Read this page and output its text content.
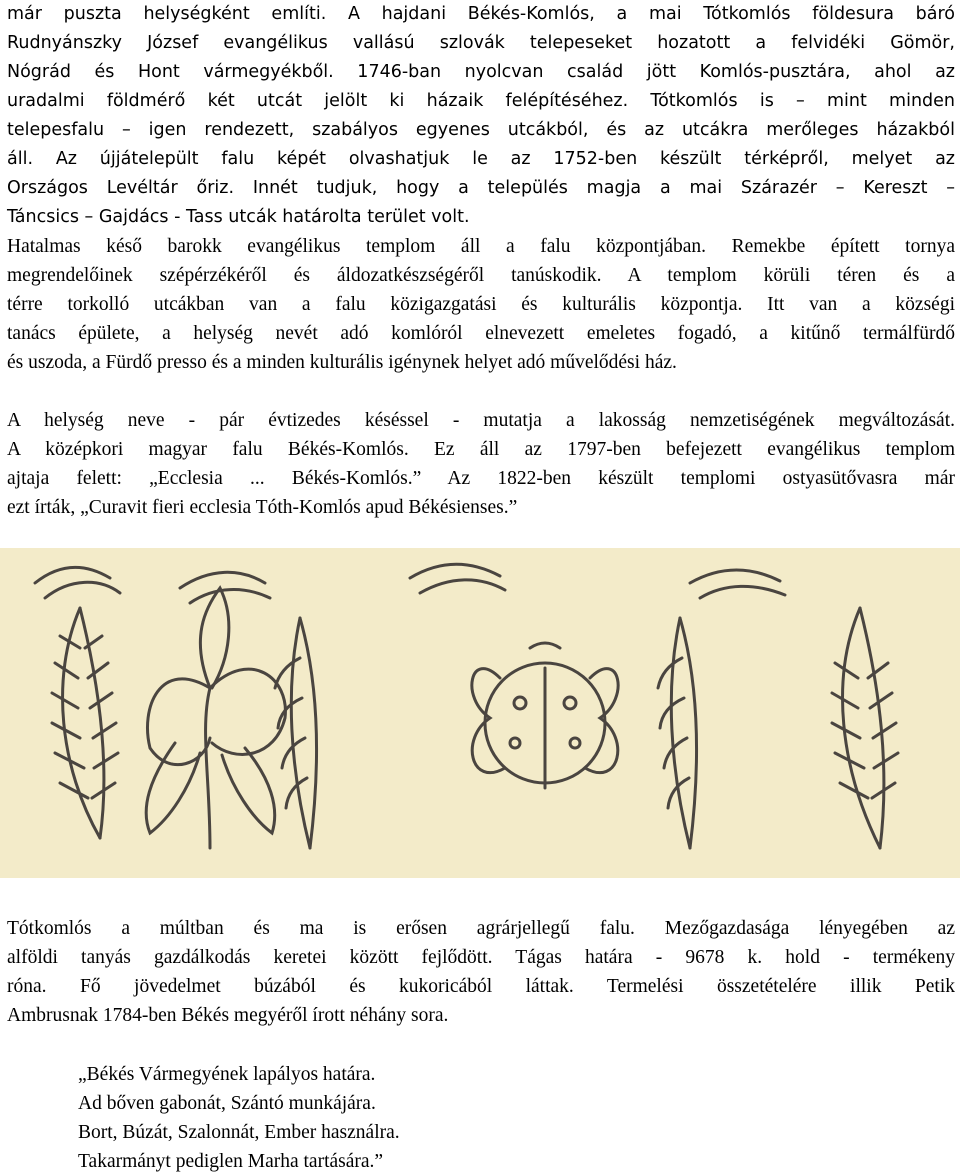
már puszta helységként említi. A hajdani Békés-Komlós, a mai Tótkomlós földesura báró
Rudnyánszky József evangélikus vallású szlovák telepeseket hozatott a felvidéki Gömör,
Nógrád és Hont vármegyékből. 1746-ban nyolcvan család jött Komlós-pusztára, ahol az
uradalmi földmérő két utcát jelölt ki házaik felépítéséhez. Tótkomlós is – mint minden
telepesfalu – igen rendezett, szabályos egyenes utcákból, és az utcákra merőleges házakból
áll. Az újjátelepült falu képét olvashatjuk le az 1752-ben készült térképről, melyet az
Országos Levéltár őriz. Innét tudjuk, hogy a település magja a mai Szárazér – Kereszt –
Táncsics – Gajdács - Tass utcák határolta terület volt.
Hatalmas késő barokk evangélikus templom áll a falu központjában. Remekbe épített tornya
megrendelőinek szépérzékéről és áldozatkészségéről tanúskodik. A templom körüli téren és a
térre torkolló utcákban van a falu közigazgatási és kulturális központja. Itt van a községi
tanács épülete, a helység nevét adó komlóról elnevezett emeletes fogadó, a kitűnő termálfürdő
és uszoda, a Fürdő presso és a minden kulturális igénynek helyet adó művelődési ház.
A helység neve - pár évtizedes késéssel - mutatja a lakosság nemzetiségének megváltozását.
A középkori magyar falu Békés-Komlós. Ez áll az 1797-ben befejezett evangélikus templom
ajtaja felett: „Ecclesia ... Békés-Komlós.” Az 1822-ben készült templomi ostyasütővasra már
ezt írták, „Curavit fieri ecclesia Tóth-Komlós apud Békésienses.”
Tótkomlós a múltban és ma is erősen agrárjellegű falu. Mezőgazdasága lényegében az
alföldi tanyás gazdálkodás keretei között fejlődött. Tágas határa - 9678 k. hold - termékeny
róna. Fő jövedelmet búzából és kukoricából láttak. Termelési összetételére illik Petik
Ambrusnak 1784-ben Békés megyéről írott néhány sora.
„Békés Vármegyének lapályos határa.
Ad bőven gabonát, Szántó munkájára.
Bort, Búzát, Szalonnát, Ember használra.
Takarmányt pediglen Marha tartására.”
